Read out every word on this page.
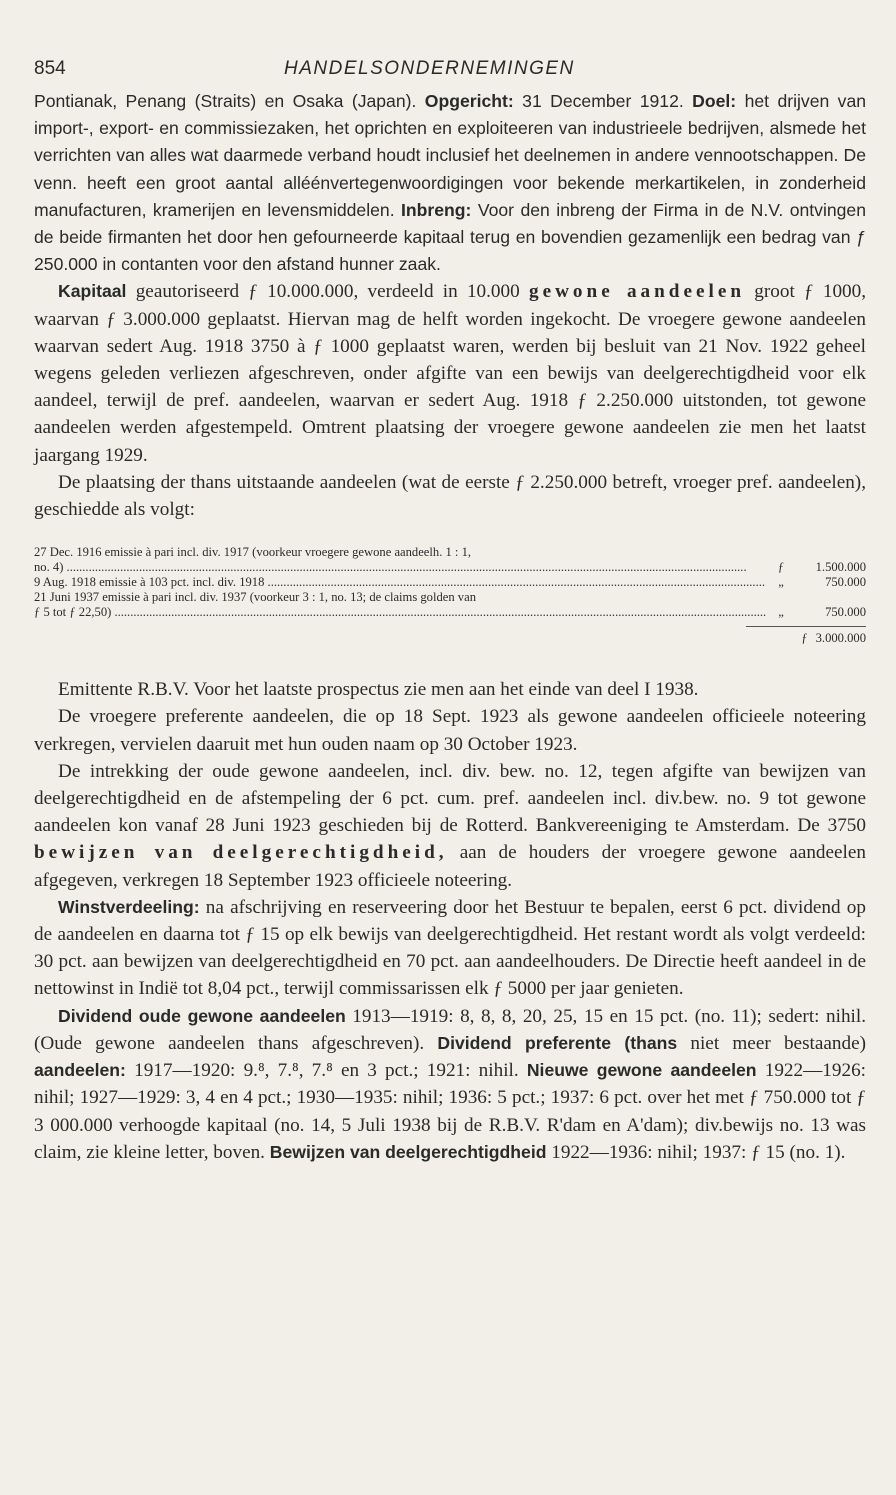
854	HANDELSONDERNEMINGEN

Pontianak, Penang (Straits) en Osaka (Japan). Opgericht: 31 December 1912. Doel: het drijven van import-, export- en commissiezaken, het oprichten en exploiteeren van industrieele bedrijven, alsmede het verrichten van alles wat daarmede verband houdt inclusief het deelnemen in andere vennootschappen. De venn. heeft een groot aantal alléénvertegenwoordigingen voor bekende merkartikelen, in zonderheid manufacturen, kramerijen en levensmiddelen. Inbreng: Voor den inbreng der Firma in de N.V. ontvingen de beide firmanten het door hen gefourneerde kapitaal terug en bovendien gezamenlijk een bedrag van ƒ 250.000 in contanten voor den afstand hunner zaak.

Kapitaal geautoriseerd ƒ 10.000.000, verdeeld in 10.000 gewone aandeelen groot ƒ 1000, waarvan ƒ 3.000.000 geplaatst. Hiervan mag de helft worden ingekocht. De vroegere gewone aandeelen waarvan sedert Aug. 1918 3750 à ƒ 1000 geplaatst waren, werden bij besluit van 21 Nov. 1922 geheel wegens geleden verliezen afgeschreven, onder afgifte van een bewijs van deelgerechtigdheid voor elk aandeel, terwijl de pref. aandeelen, waarvan er sedert Aug. 1918 ƒ 2.250.000 uitstonden, tot gewone aandeelen werden afgestempeld. Omtrent plaatsing der vroegere gewone aandeelen zie men het laatst jaargang 1929.

De plaatsing der thans uitstaande aandeelen (wat de eerste ƒ 2.250.000 betreft, vroeger pref. aandeelen), geschiedde als volgt:

27 Dec. 1916 emissie à pari incl. div. 1917 (voorkeur vroegere gewone aandeelh. 1 : 1,
no. 4) .....	ƒ	1.500.000
9 Aug. 1918 emissie à 103 pct. incl. div. 1918 .....	„	750.000
21 Juni 1937 emissie à pari incl. div. 1937 (voorkeur 3 : 1, no. 13; de claims golden van
ƒ 5 tot ƒ 22,50) .....	„	750.000
ƒ 3.000.000

Emittente R.B.V. Voor het laatste prospectus zie men aan het einde van deel I 1938.

De vroegere preferente aandeelen, die op 18 Sept. 1923 als gewone aandeelen officieele noteering verkregen, vervielen daaruit met hun ouden naam op 30 October 1923.

De intrekking der oude gewone aandeelen, incl. div. bew. no. 12, tegen afgifte van bewijzen van deelgerechtigdheid en de afstempeling der 6 pct. cum. pref. aandeelen incl. div.bew. no. 9 tot gewone aandeelen kon vanaf 28 Juni 1923 geschieden bij de Rotterd. Bankvereeniging te Amsterdam. De 3750 bewijzen van deelgerechtigdheid, aan de houders der vroegere gewone aandeelen afgegeven, verkregen 18 September 1923 officieele noteering.

Winstverdeeling: na afschrijving en reserveering door het Bestuur te bepalen, eerst 6 pct. dividend op de aandeelen en daarna tot ƒ 15 op elk bewijs van deelgerechtigdheid. Het restant wordt als volgt verdeeld: 30 pct. aan bewijzen van deelgerechtigdheid en 70 pct. aan aandeelhouders. De Directie heeft aandeel in de nettowinst in Indië tot 8,04 pct., terwijl commissarissen elk ƒ 5000 per jaar genieten.

Dividend oude gewone aandeelen 1913—1919: 8, 8, 8, 20, 25, 15 en 15 pct. (no. 11); sedert: nihil. (Oude gewone aandeelen thans afgeschreven). Dividend preferente (thans niet meer bestaande) aandeelen: 1917—1920: 9.⁸, 7.⁸, 7.⁸ en 3 pct.; 1921: nihil. Nieuwe gewone aandeelen 1922—1926: nihil; 1927—1929: 3, 4 en 4 pct.; 1930—1935: nihil; 1936: 5 pct.; 1937: 6 pct. over het met ƒ 750.000 tot ƒ 3 000.000 verhoogde kapitaal (no. 14, 5 Juli 1938 bij de R.B.V. R'dam en A'dam); div.bewijs no. 13 was claim, zie kleine letter, boven. Bewijzen van deelgerechtigdheid 1922—1936: nihil; 1937: ƒ 15 (no. 1).
